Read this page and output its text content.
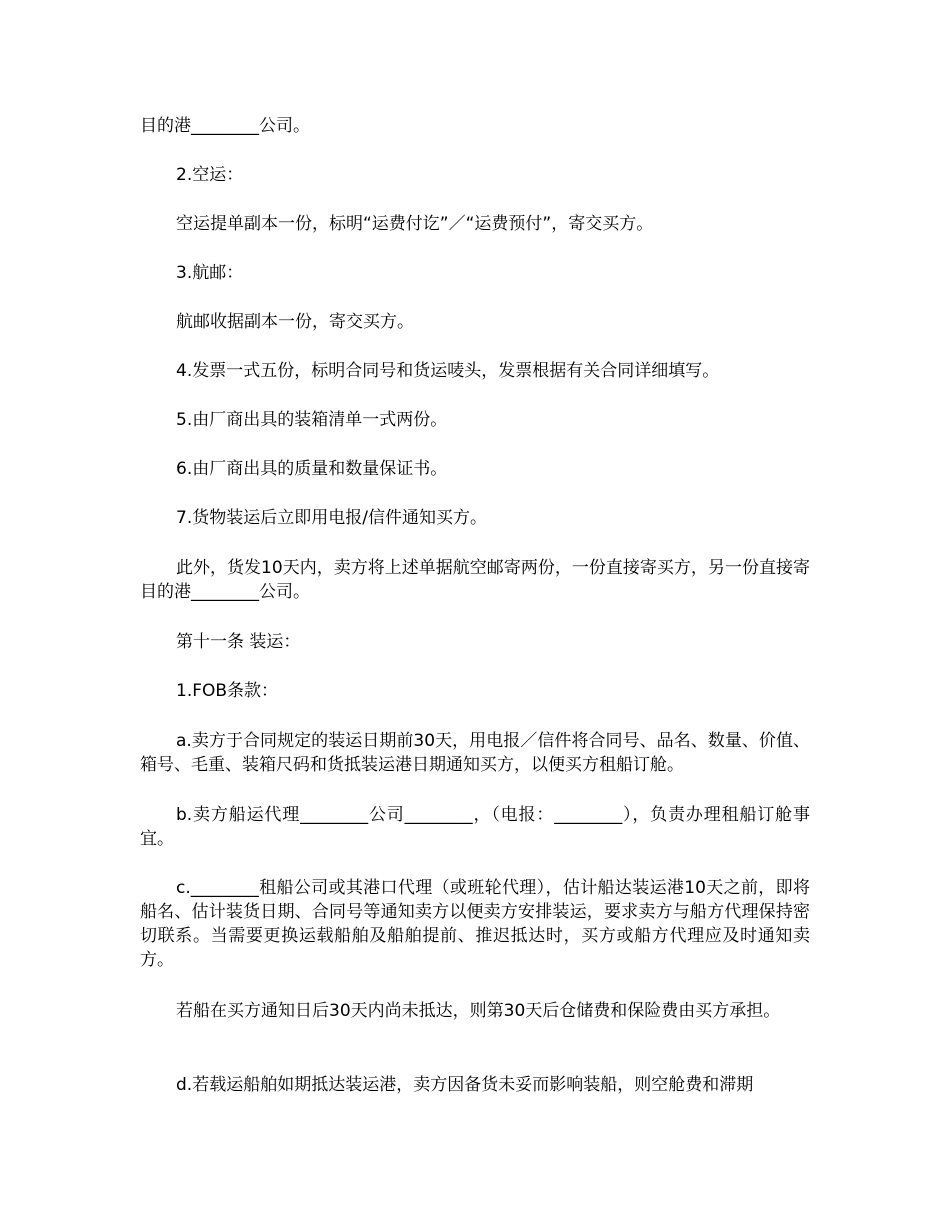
目的港________公司。

2.空运：

空运提单副本一份，标明“运费付讫”／“运费预付”，寄交买方。

3.航邮：

航邮收据副本一份，寄交买方。

4.发票一式五份，标明合同号和货运唛头，发票根据有关合同详细填写。

5.由厂商出具的装箱清单一式两份。

6.由厂商出具的质量和数量保证书。

7.货物装运后立即用电报/信件通知买方。

此外，货发10天内，卖方将上述单据航空邮寄两份，一份直接寄买方，另一份直接寄目的港________公司。

第十一条 装运：

1.FOB条款：

a.卖方于合同规定的装运日期前30天，用电报／信件将合同号、品名、数量、价值、箱号、毛重、装箱尺码和货抵装运港日期通知买方，以便买方租船订舱。

b.卖方船运代理________公司________，（电报：________），负责办理租船订舱事宜。

c.________租船公司或其港口代理（或班轮代理），估计船达装运港10天之前，即将船名、估计装货日期、合同号等通知卖方以便卖方安排装运，要求卖方与船方代理保持密切联系。当需要更换运载船舶及船舶提前、推迟抵达时，买方或船方代理应及时通知卖方。

若船在买方通知日后30天内尚未抵达，则第30天后仓储费和保险费由买方承担。

d.若载运船舶如期抵达装运港，卖方因备货未妥而影响装船，则空舱费和滞期
